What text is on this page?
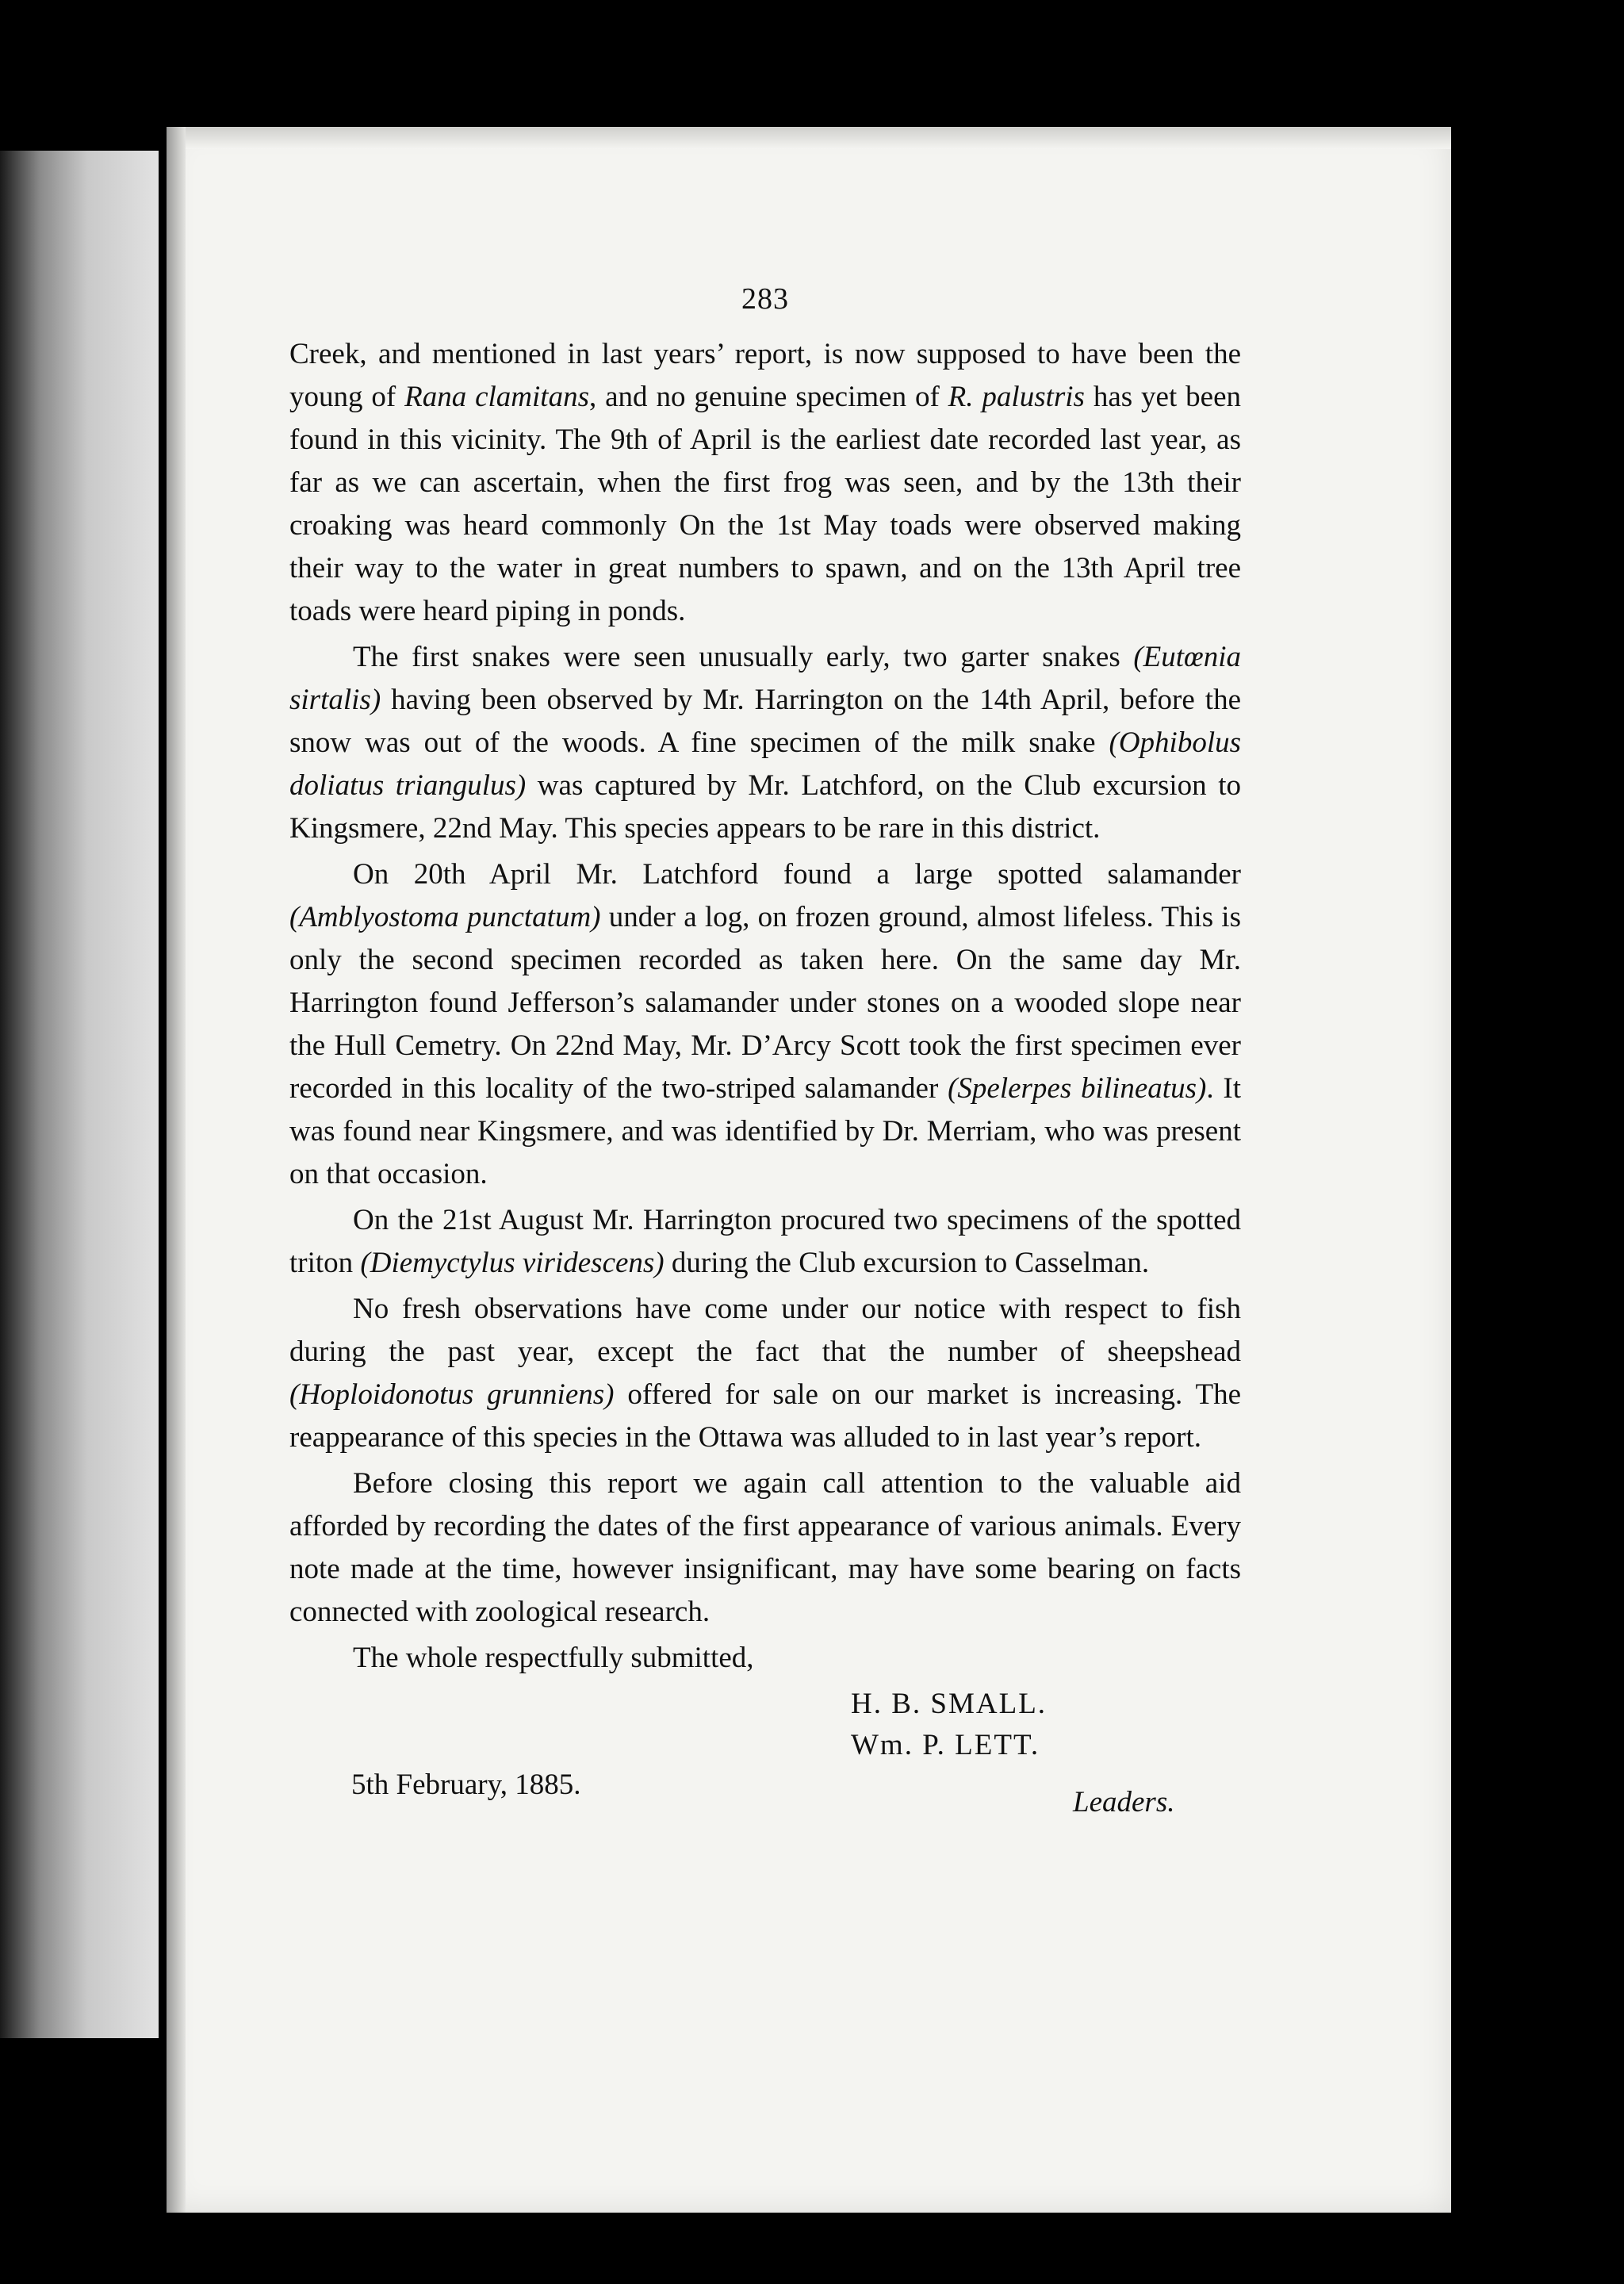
283

Creek, and mentioned in last years’ report, is now supposed to have been the young of Rana clamitans, and no genuine specimen of R. palustris has yet been found in this vicinity. The 9th of April is the earliest date recorded last year, as far as we can ascertain, when the first frog was seen, and by the 13th their croaking was heard commonly On the 1st May toads were observed making their way to the water in great numbers to spawn, and on the 13th April tree toads were heard piping in ponds.

The first snakes were seen unusually early, two garter snakes (Eutœnia sirtalis) having been observed by Mr. Harrington on the 14th April, before the snow was out of the woods. A fine specimen of the milk snake (Ophibolus doliatus triangulus) was captured by Mr. Latchford, on the Club excursion to Kingsmere, 22nd May. This species appears to be rare in this district.

On 20th April Mr. Latchford found a large spotted salamander (Amblyostoma punctatum) under a log, on frozen ground, almost lifeless. This is only the second specimen recorded as taken here. On the same day Mr. Harrington found Jefferson’s salamander under stones on a wooded slope near the Hull Cemetry. On 22nd May, Mr. D’Arcy Scott took the first specimen ever recorded in this locality of the two-striped salamander (Spelerpes bilineatus). It was found near Kingsmere, and was identified by Dr. Merriam, who was present on that occasion.

On the 21st August Mr. Harrington procured two specimens of the spotted triton (Diemyctylus viridescens) during the Club excursion to Casselman.

No fresh observations have come under our notice with respect to fish during the past year, except the fact that the number of sheepshead (Hoploidonotus grunniens) offered for sale on our market is increasing. The reappearance of this species in the Ottawa was alluded to in last year’s report.

Before closing this report we again call attention to the valuable aid afforded by recording the dates of the first appearance of various animals. Every note made at the time, however insignificant, may have some bearing on facts connected with zoological research.

The whole respectfully submitted,

H. B. SMALL.
Wm. P. LETT.
5th February, 1885.
Leaders.
